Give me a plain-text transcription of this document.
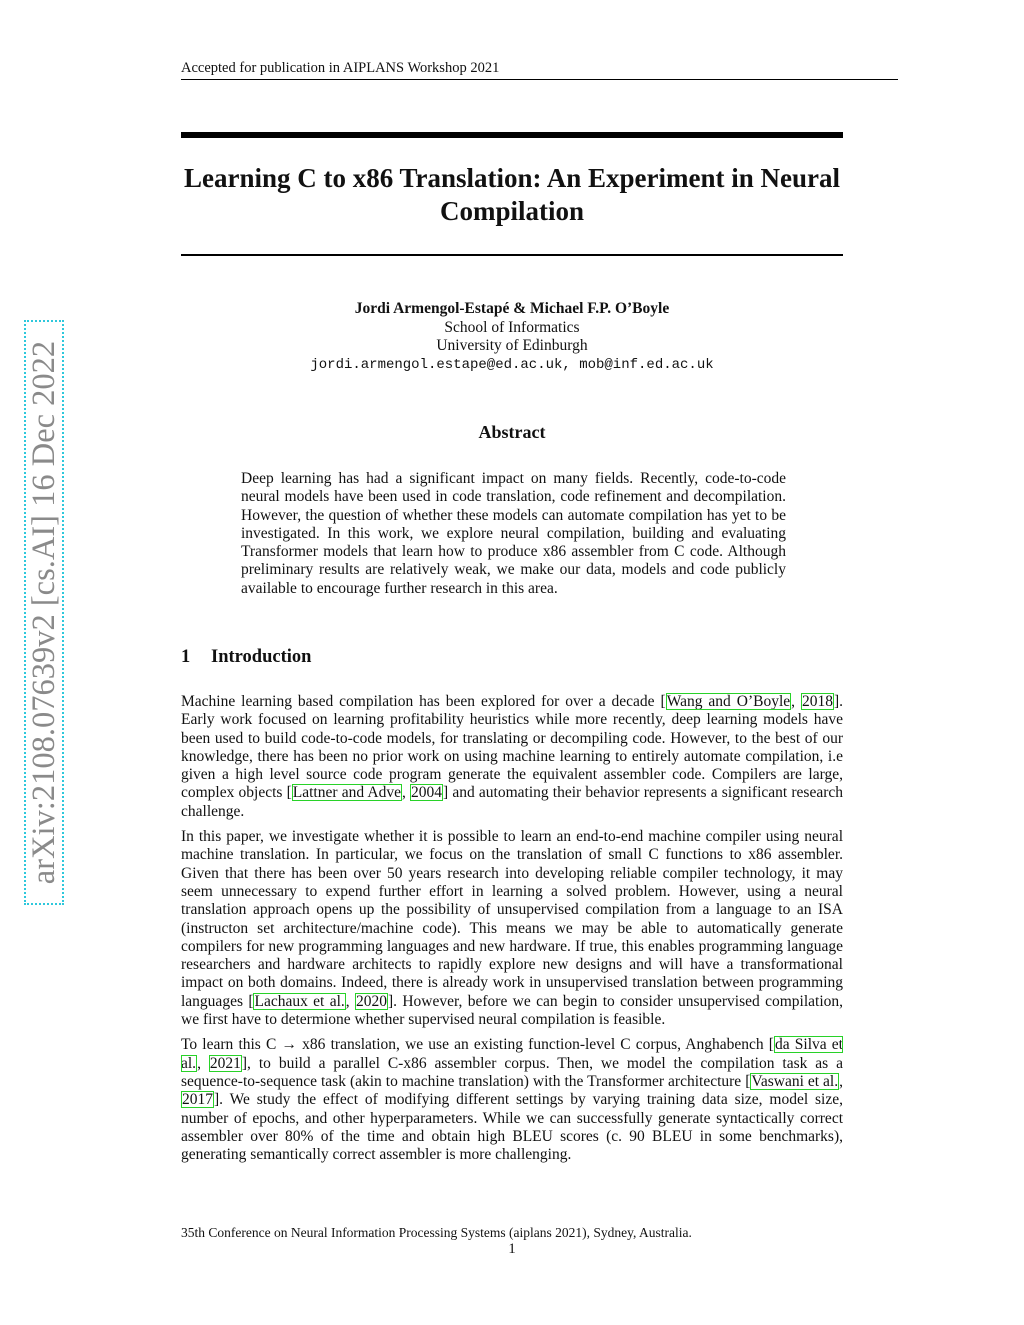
Accepted for publication in AIPLANS Workshop 2021
arXiv:2108.07639v2 [cs.AI] 16 Dec 2022
Learning C to x86 Translation: An Experiment in Neural Compilation
Jordi Armengol-Estapé & Michael F.P. O’Boyle
School of Informatics
University of Edinburgh
jordi.armengol.estape@ed.ac.uk, mob@inf.ed.ac.uk
Abstract

Deep learning has had a significant impact on many fields. Recently, code-to-code neural models have been used in code translation, code refinement and decompilation. However, the question of whether these models can automate compilation has yet to be investigated. In this work, we explore neural compilation, building and evaluating Transformer models that learn how to produce x86 assembler from C code. Although preliminary results are relatively weak, we make our data, models and code publicly available to encourage further research in this area.

1 Introduction

Machine learning based compilation has been explored for over a decade [Wang and O’Boyle, 2018]. Early work focused on learning profitability heuristics while more recently, deep learning models have been used to build code-to-code models, for translating or decompiling code. However, to the best of our knowledge, there has been no prior work on using machine learning to entirely automate compilation, i.e given a high level source code program generate the equivalent assembler code. Compilers are large, complex objects [Lattner and Adve, 2004] and automating their behavior represents a significant research challenge.

In this paper, we investigate whether it is possible to learn an end-to-end machine compiler using neural machine translation. In particular, we focus on the translation of small C functions to x86 assembler. Given that there has been over 50 years research into developing reliable compiler technology, it may seem unnecessary to expend further effort in learning a solved problem. However, using a neural translation approach opens up the possibility of unsupervised compilation from a language to an ISA (instructon set architecture/machine code). This means we may be able to automatically generate compilers for new programming languages and new hardware. If true, this enables programming language researchers and hardware architects to rapidly explore new designs and will have a transformational impact on both domains. Indeed, there is already work in unsupervised translation between programming languages [Lachaux et al., 2020]. However, before we can begin to consider unsupervised compilation, we first have to determione whether supervised neural compilation is feasible.

To learn this C → x86 translation, we use an existing function-level C corpus, Anghabench [da Silva et al., 2021], to build a parallel C-x86 assembler corpus. Then, we model the compilation task as a sequence-to-sequence task (akin to machine translation) with the Transformer architecture [Vaswani et al., 2017]. We study the effect of modifying different settings by varying training data size, model size, number of epochs, and other hyperparameters. While we can successfully generate syntactically correct assembler over 80% of the time and obtain high BLEU scores (c. 90 BLEU in some benchmarks), generating semantically correct assembler is more challenging.

35th Conference on Neural Information Processing Systems (aiplans 2021), Sydney, Australia.
1
